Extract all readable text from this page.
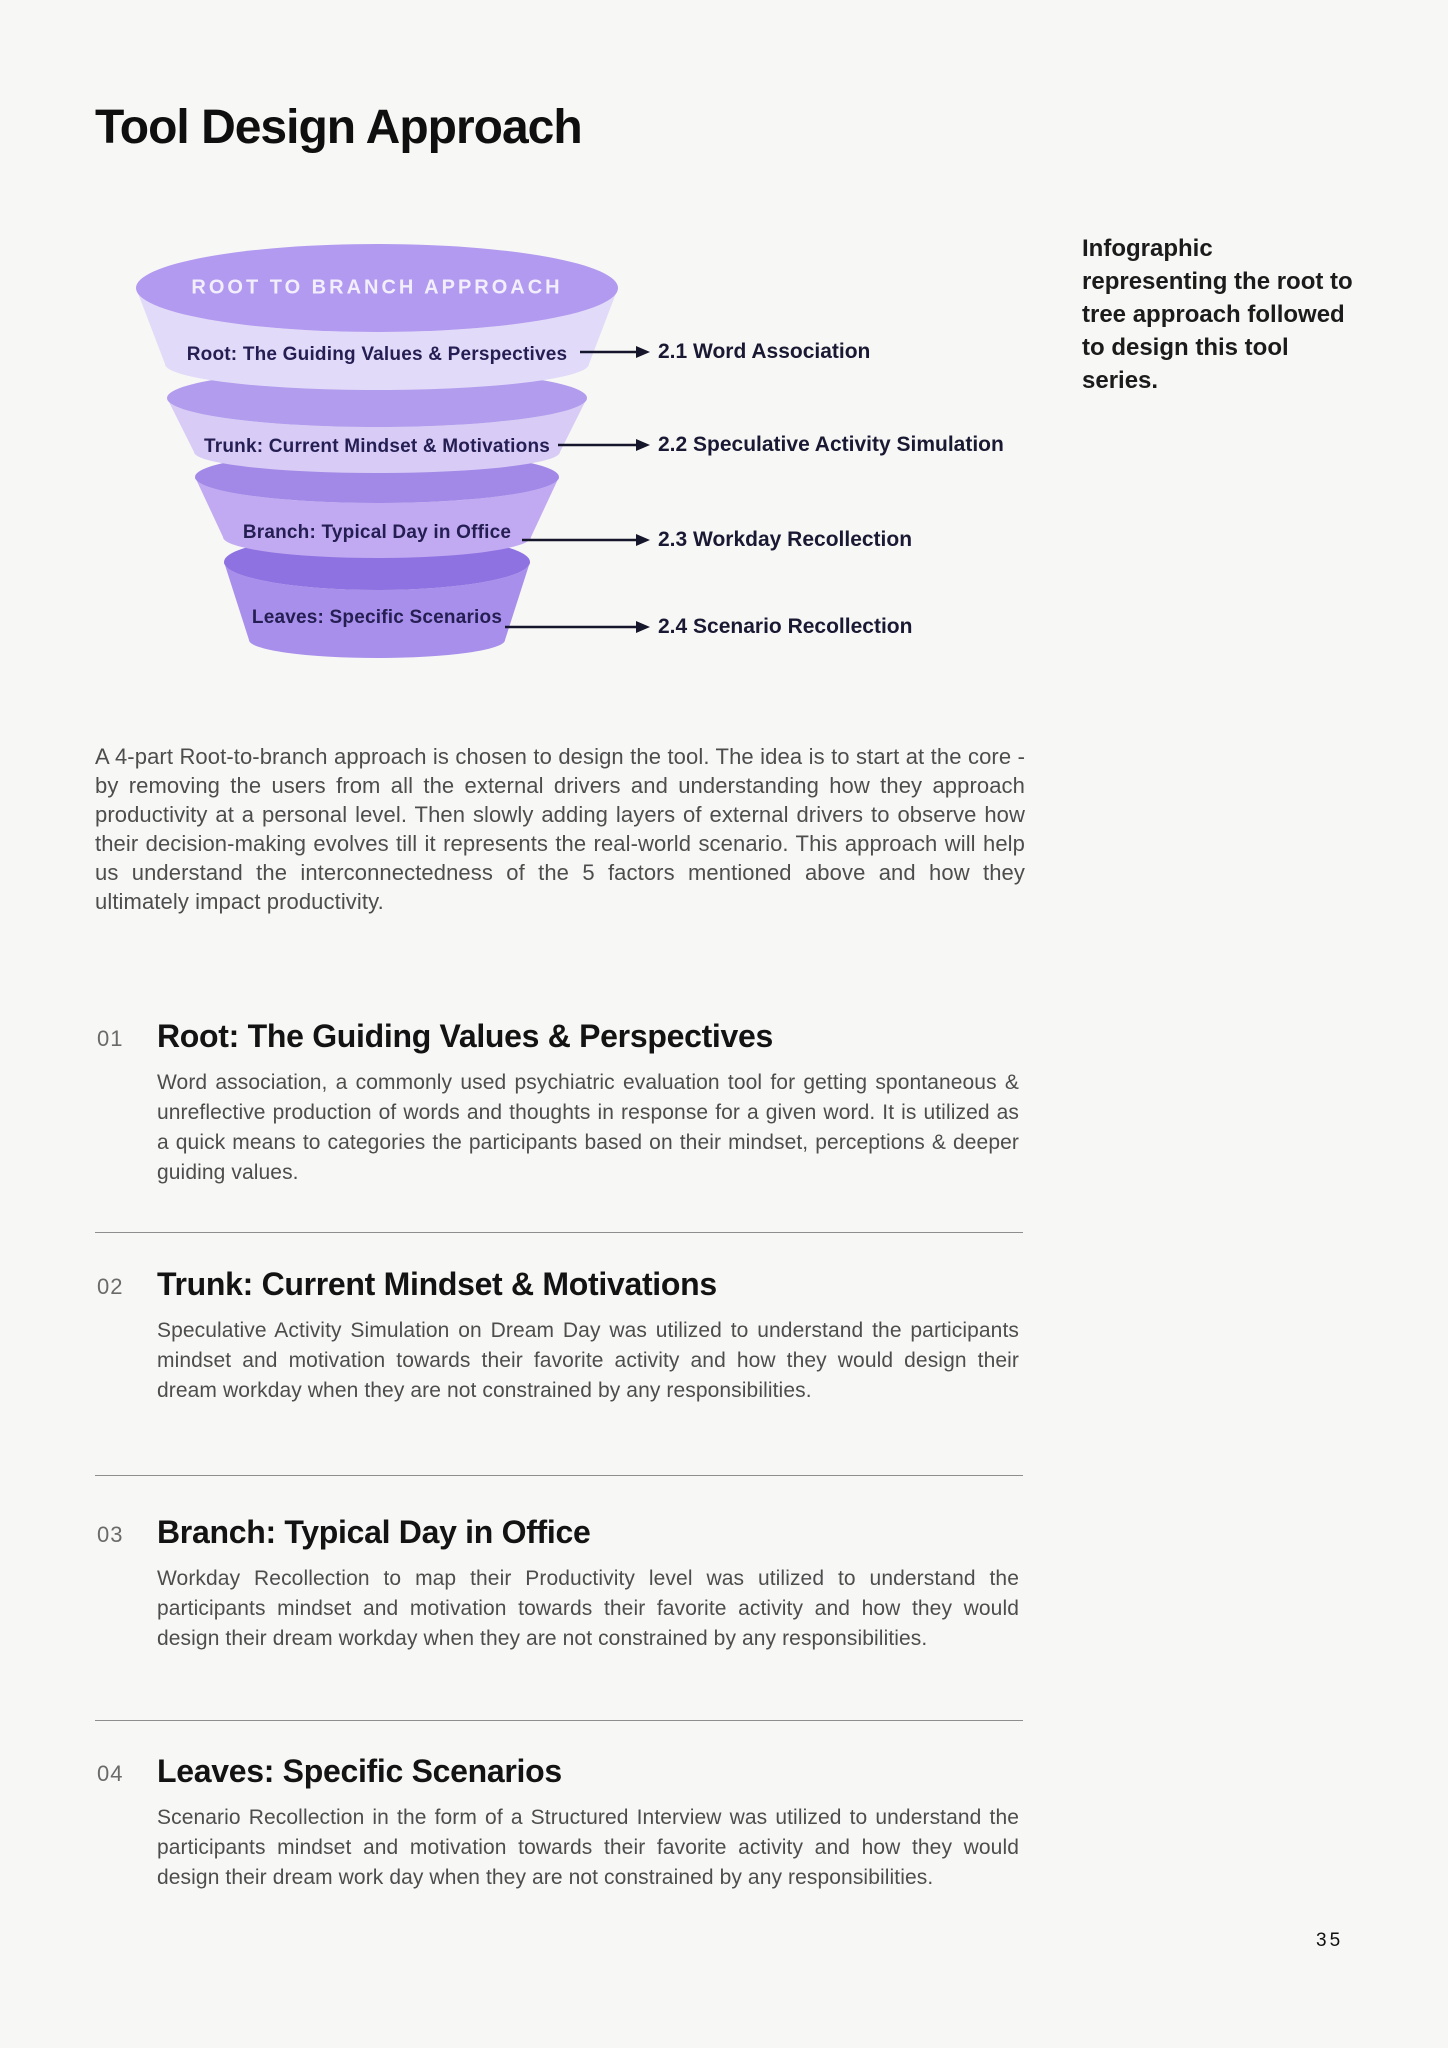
Tool Design Approach
ROOT TO BRANCH APPROACH
Root: The Guiding Values & Perspectives
Trunk: Current Mindset & Motivations
Branch: Typical Day in Office
Leaves: Specific Scenarios
2.1 Word Association
2.2 Speculative Activity Simulation
2.3 Workday Recollection
2.4 Scenario Recollection
Infographic representing the root to tree approach followed to design this tool series.

A 4-part Root-to-branch approach is chosen to design the tool. The idea is to start at the core - by removing the users from all the external drivers and understanding how they approach productivity at a personal level. Then slowly adding layers of external drivers to observe how their decision-making evolves till it represents the real-world scenario. This approach will help us understand the interconnectedness of the 5 factors mentioned above and how they ultimately impact productivity.

01 Root: The Guiding Values & Perspectives

Word association, a commonly used psychiatric evaluation tool for getting spontaneous & unreflective production of words and thoughts in response for a given word. It is utilized as a quick means to categories the participants based on their mindset, perceptions & deeper guiding values.

02 Trunk: Current Mindset & Motivations

Speculative Activity Simulation on Dream Day was utilized to understand the participants mindset and motivation towards their favorite activity and how they would design their dream workday when they are not constrained by any responsibilities.

03 Branch: Typical Day in Office

Workday Recollection to map their Productivity level was utilized to understand the participants mindset and motivation towards their favorite activity and how they would design their dream workday when they are not constrained by any responsibilities.

04 Leaves: Specific Scenarios

Scenario Recollection in the form of a Structured Interview was utilized to understand the participants mindset and motivation towards their favorite activity and how they would design their dream work day when they are not constrained by any responsibilities.

35
